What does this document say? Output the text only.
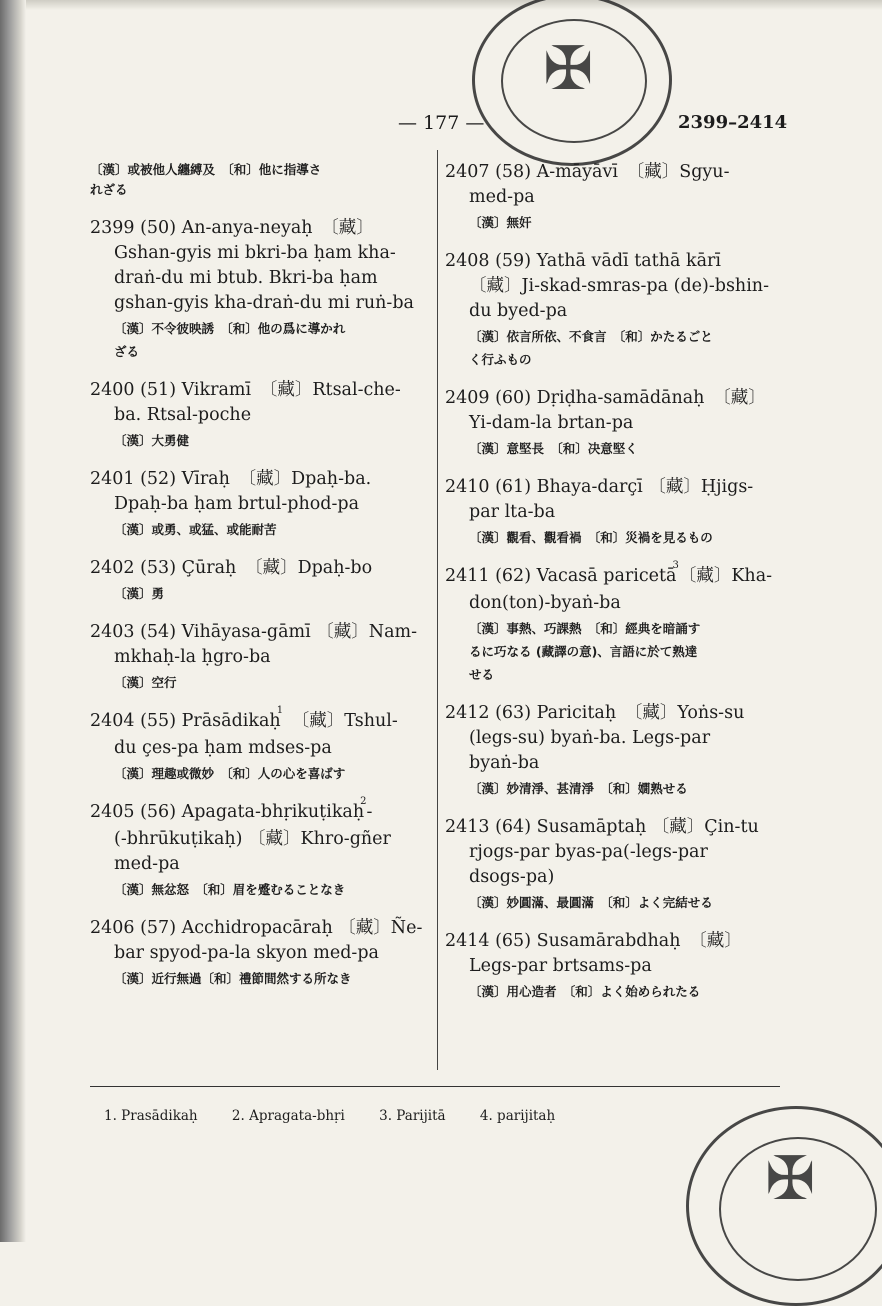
✠
— 177 —	2399–2414
〔漢〕或被他人纏縛及　〔和〕他に指導さ
れざる
2399 (50) An-anya-neyaḥ　〔藏〕
Gshan-gyis mi bkri-ba ḥam kha-
draṅ-du mi btub. Bkri-ba ḥam
gshan-gyis kha-draṅ-du mi ruṅ-ba
〔漢〕不令彼映誘　〔和〕他の爲に導かれ
ざる
2400 (51) Vikramī　〔藏〕Rtsal-che-
ba. Rtsal-poche
〔漢〕大勇健
2401 (52) Vīraḥ　〔藏〕Dpaḥ-ba.
Dpaḥ-ba ḥam brtul-phod-pa
〔漢〕或勇、或猛、或能耐苦
2402 (53) Çūraḥ　〔藏〕Dpaḥ-bo
〔漢〕勇
2403 (54) Vihāyasa-gāmī 〔藏〕Nam-
mkhaḥ-la ḥgro-ba
〔漢〕空行
2404 (55) Prāsādikaḥ$^1$　〔藏〕Tshul-
du çes-pa ḥam mdses-pa
〔漢〕理趣或微妙　〔和〕人の心を喜ばす
2405 (56) Apagata-bhṛikuṭikaḥ$^2$-
(-bhrūkuṭikaḥ) 〔藏〕Khro-gñer
med-pa
〔漢〕無忿怒　〔和〕眉を蹙むることなき
2406 (57) Acchidropacāraḥ 〔藏〕Ñe-
bar spyod-pa-la skyon med-pa
〔漢〕近行無過〔和〕禮節間然する所なき
2407 (58) A-māyāvī　〔藏〕Sgyu-
med-pa
〔漢〕無奸
2408 (59) Yathā vādī tathā kārī
〔藏〕Ji-skad-smras-pa (de)-bshin-
du byed-pa
〔漢〕依言所依、不食言　〔和〕かたるごと
く行ふもの
2409 (60) Dṛiḍha-samādānaḥ　〔藏〕
Yi-dam-la brtan-pa
〔漢〕意堅長　〔和〕决意堅く
2410 (61) Bhaya-darçī 〔藏〕Ḥjigs-
par lta-ba
〔漢〕觀看、觀看禍　〔和〕災禍を見るもの
2411 (62) Vacasā paricetā$^3$〔藏〕Kha-
don(ton)-byaṅ-ba
〔漢〕事熱、巧課熱　〔和〕經典を暗誦す
るに巧なる (藏譯の意)、言語に於て熟達
せる
2412 (63) Paricitaḥ　〔藏〕Yoṅs-su
(legs-su) byaṅ-ba. Legs-par
byaṅ-ba
〔漢〕妙清淨、甚清淨　〔和〕嫺熟せる
2413 (64) Susamāptaḥ 〔藏〕Çin-tu
rjogs-par byas-pa(-legs-par
dsogs-pa)
〔漢〕妙圓滿、最圓滿　〔和〕よく完結せる
2414 (65) Susamārabdhaḥ　〔藏〕
Legs-par brtsams-pa
〔漢〕用心造者　〔和〕よく始められたる
1. Prasādikaḥ	2. Apragata-bhṛi	3. Parijitā	4. parijitaḥ
✠
